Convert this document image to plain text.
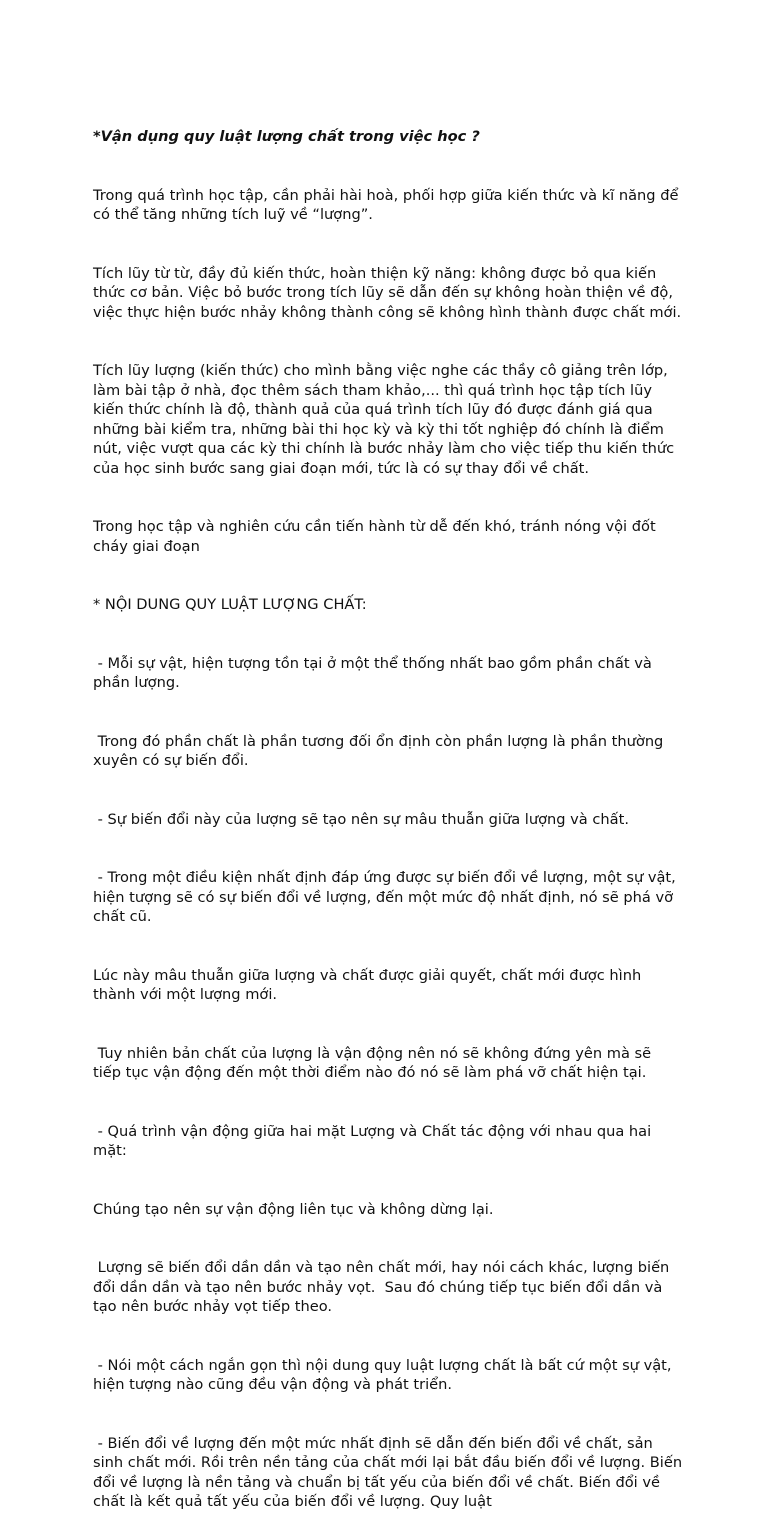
*Vận dụng quy luật lượng chất trong việc học ?

Trong quá trình học tập, cần phải hài hoà, phối hợp giữa kiến thức và kĩ năng để có thể tăng những tích luỹ về “lượng”.

Tích lũy từ từ, đầy đủ kiến thức, hoàn thiện kỹ năng: không được bỏ qua kiến thức cơ bản. Việc bỏ bước trong tích lũy sẽ dẫn đến sự không hoàn thiện về độ, việc thực hiện bước nhảy không thành công sẽ không hình thành được chất mới.

Tích lũy lượng (kiến thức) cho mình bằng việc nghe các thầy cô giảng trên lớp, làm bài tập ở nhà, đọc thêm sách tham khảo,... thì quá trình học tập tích lũy kiến thức chính là độ, thành quả của quá trình tích lũy đó được đánh giá qua những bài kiểm tra, những bài thi học kỳ và kỳ thi tốt nghiệp đó chính là điểm nút, việc vượt qua các kỳ thi chính là bước nhảy làm cho việc tiếp thu kiến thức của học sinh bước sang giai đoạn mới, tức là có sự thay đổi về chất.

Trong học tập và nghiên cứu cần tiến hành từ dễ đến khó, tránh nóng vội đốt cháy giai đoạn

* NỘI DUNG QUY LUẬT LƯỢNG CHẤT:

- Mỗi sự vật, hiện tượng tồn tại ở một thể thống nhất bao gồm phần chất và phần lượng.

Trong đó phần chất là phần tương đối ổn định còn phần lượng là phần thường xuyên có sự biến đổi.

- Sự biến đổi này của lượng sẽ tạo nên sự mâu thuẫn giữa lượng và chất.

- Trong một điều kiện nhất định đáp ứng được sự biến đổi về lượng, một sự vật, hiện tượng sẽ có sự biến đổi về lượng, đến một mức độ nhất định, nó sẽ phá vỡ chất cũ.

Lúc này mâu thuẫn giữa lượng và chất được giải quyết, chất mới được hình thành với một lượng mới.

Tuy nhiên bản chất của lượng là vận động nên nó sẽ không đứng yên mà sẽ tiếp tục vận động đến một thời điểm nào đó nó sẽ làm phá vỡ chất hiện tại.

- Quá trình vận động giữa hai mặt Lượng và Chất tác động với nhau qua hai mặt:

Chúng tạo nên sự vận động liên tục và không dừng lại.

Lượng sẽ biến đổi dần dần và tạo nên chất mới, hay nói cách khác, lượng biến đổi dần dần và tạo nên bước nhảy vọt.  Sau đó chúng tiếp tục biến đổi dần và tạo nên bước nhảy vọt tiếp theo.

- Nói một cách ngắn gọn thì nội dung quy luật lượng chất là bất cứ một sự vật, hiện tượng nào cũng đều vận động và phát triển.

- Biến đổi về lượng đến một mức nhất định sẽ dẫn đến biến đổi về chất, sản sinh chất mới. Rồi trên nền tảng của chất mới lại bắt đầu biến đổi về lượng. Biến đổi về lượng là nền tảng và chuẩn bị tất yếu của biến đổi về chất. Biến đổi về chất là kết quả tất yếu của biến đổi về lượng. Quy luật
